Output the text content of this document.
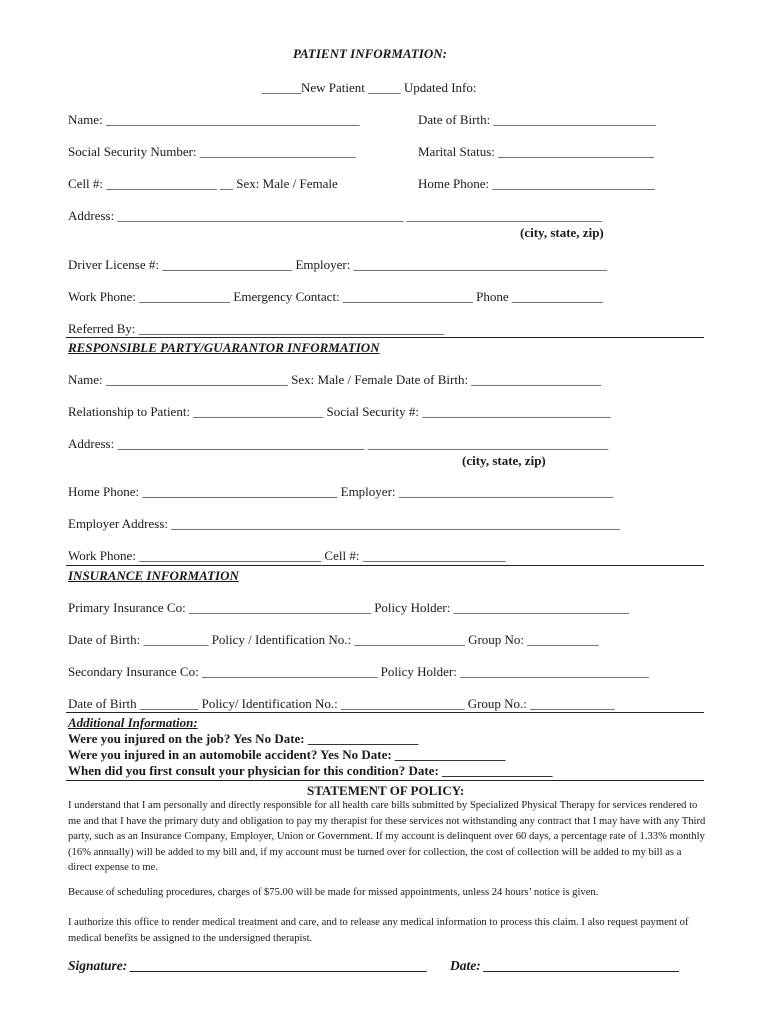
PATIENT INFORMATION:
______New Patient _____ Updated Info:
Name: _______________________________________	Date of Birth: _________________________
Social Security Number: ________________________	Marital Status: ________________________
Cell #: _________________ __ Sex: Male / Female	Home Phone: _________________________
Address: ____________________________________________ ______________________________
(city, state, zip)
Driver License #: ____________________ Employer: _______________________________________
Work Phone: ______________ Emergency Contact: ____________________ Phone ______________
Referred By: _______________________________________________
RESPONSIBLE PARTY/GUARANTOR INFORMATION
Name: ____________________________ Sex: Male / Female Date of Birth: ____________________
Relationship to Patient: ____________________ Social Security #: _____________________________
Address: ______________________________________ _____________________________________
(city, state, zip)
Home Phone: ______________________________ Employer: _________________________________
Employer Address: _____________________________________________________________________
Work Phone: ____________________________ Cell #: ______________________
INSURANCE INFORMATION
Primary Insurance Co: ____________________________ Policy Holder: ___________________________
Date of Birth: __________ Policy / Identification No.: _________________ Group No: ___________
Secondary Insurance Co: ___________________________ Policy Holder: _____________________________
Date of Birth _________ Policy/ Identification No.: ___________________ Group No.: _____________
Additional Information:
Were you injured on the job? Yes No Date: _________________
Were you injured in an automobile accident? Yes No Date: _________________
When did you first consult your physician for this condition? Date: _________________
STATEMENT OF POLICY:
I understand that I am personally and directly responsible for all health care bills submitted by Specialized Physical Therapy for services rendered to me and that I have the primary duty and obligation to pay my therapist for these services not withstanding any contract that I may have with any Third party, such as an Insurance Company, Employer, Union or Government. If my account is delinquent over 60 days, a percentage rate of 1.33% monthly (16% annually) will be added to my bill and, if my account must be turned over for collection, the cost of collection will be added to my bill as a direct expense to me.
Because of scheduling procedures, charges of $75.00 will be made for missed appointments, unless 24 hours’ notice is given.
I authorize this office to render medical treatment and care, and to release any medical information to process this claim. I also request payment of medical benefits be assigned to the undersigned therapist.
Signature: ____________________________________________ Date: _____________________________
